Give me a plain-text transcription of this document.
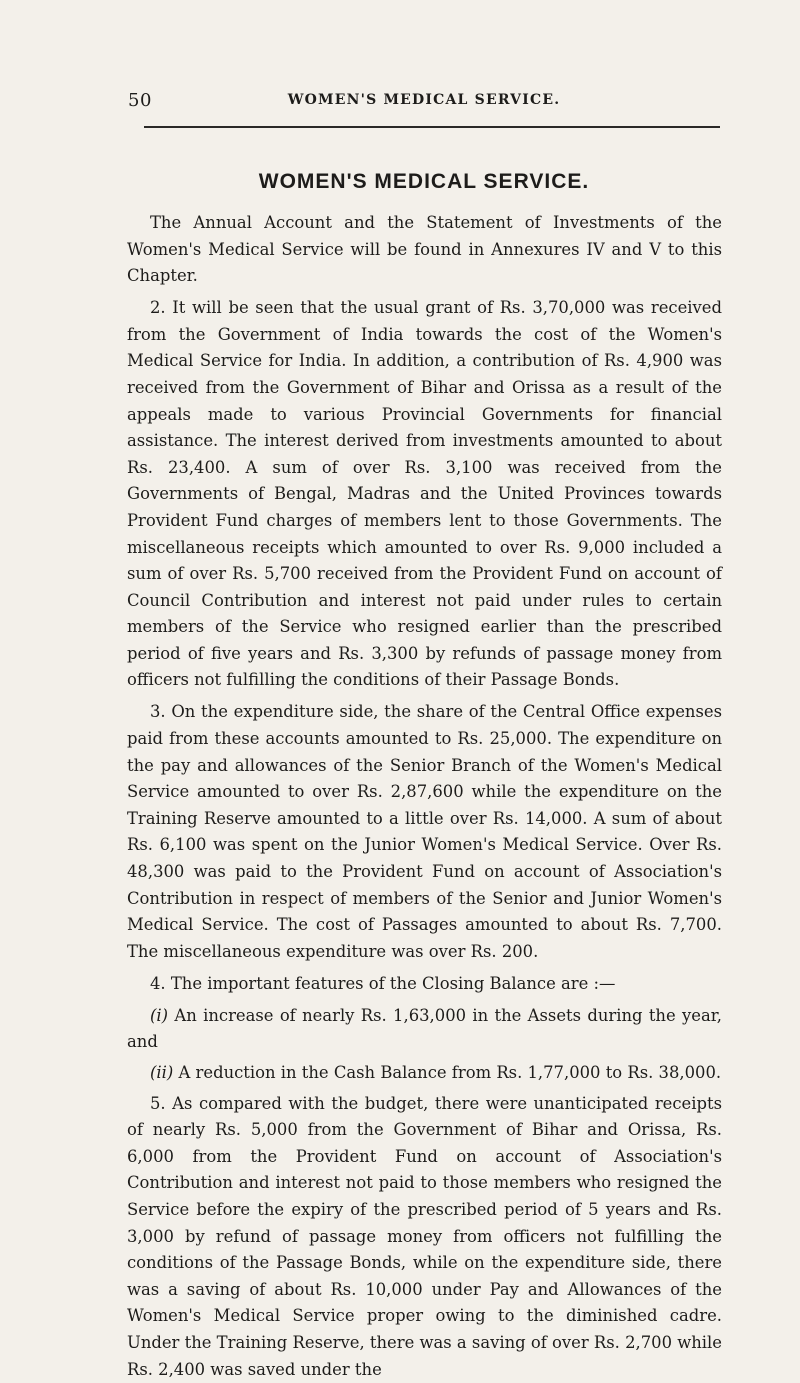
50	WOMEN'S MEDICAL SERVICE.
WOMEN'S MEDICAL SERVICE.

The Annual Account and the Statement of Investments of the Women's Medical Service will be found in Annexures IV and V to this Chapter.

2. It will be seen that the usual grant of Rs. 3,70,000 was received from the Government of India towards the cost of the Women's Medical Service for India. In addition, a contribution of Rs. 4,900 was received from the Government of Bihar and Orissa as a result of the appeals made to various Provincial Governments for financial assistance. The interest derived from investments amounted to about Rs. 23,400. A sum of over Rs. 3,100 was received from the Governments of Bengal, Madras and the United Provinces towards Provident Fund charges of members lent to those Governments. The miscellaneous receipts which amounted to over Rs. 9,000 included a sum of over Rs. 5,700 received from the Provident Fund on account of Council Contribution and interest not paid under rules to certain members of the Service who resigned earlier than the prescribed period of five years and Rs. 3,300 by refunds of passage money from officers not fulfilling the conditions of their Passage Bonds.

3. On the expenditure side, the share of the Central Office expenses paid from these accounts amounted to Rs. 25,000. The expenditure on the pay and allowances of the Senior Branch of the Women's Medical Service amounted to over Rs. 2,87,600 while the expenditure on the Training Reserve amounted to a little over Rs. 14,000. A sum of about Rs. 6,100 was spent on the Junior Women's Medical Service. Over Rs. 48,300 was paid to the Provident Fund on account of Association's Contribution in respect of members of the Senior and Junior Women's Medical Service. The cost of Passages amounted to about Rs. 7,700. The miscellaneous expenditure was over Rs. 200.

4. The important features of the Closing Balance are :—

(i) An increase of nearly Rs. 1,63,000 in the Assets during the year, and

(ii) A reduction in the Cash Balance from Rs. 1,77,000 to Rs. 38,000.

5. As compared with the budget, there were unanticipated receipts of nearly Rs. 5,000 from the Government of Bihar and Orissa, Rs. 6,000 from the Provident Fund on account of Association's Contribution and interest not paid to those members who resigned the Service before the expiry of the prescribed period of 5 years and Rs. 3,000 by refund of passage money from officers not fulfilling the conditions of the Passage Bonds, while on the expenditure side, there was a saving of about Rs. 10,000 under Pay and Allowances of the Women's Medical Service proper owing to the diminished cadre. Under the Training Reserve, there was a saving of over Rs. 2,700 while Rs. 2,400 was saved under the
